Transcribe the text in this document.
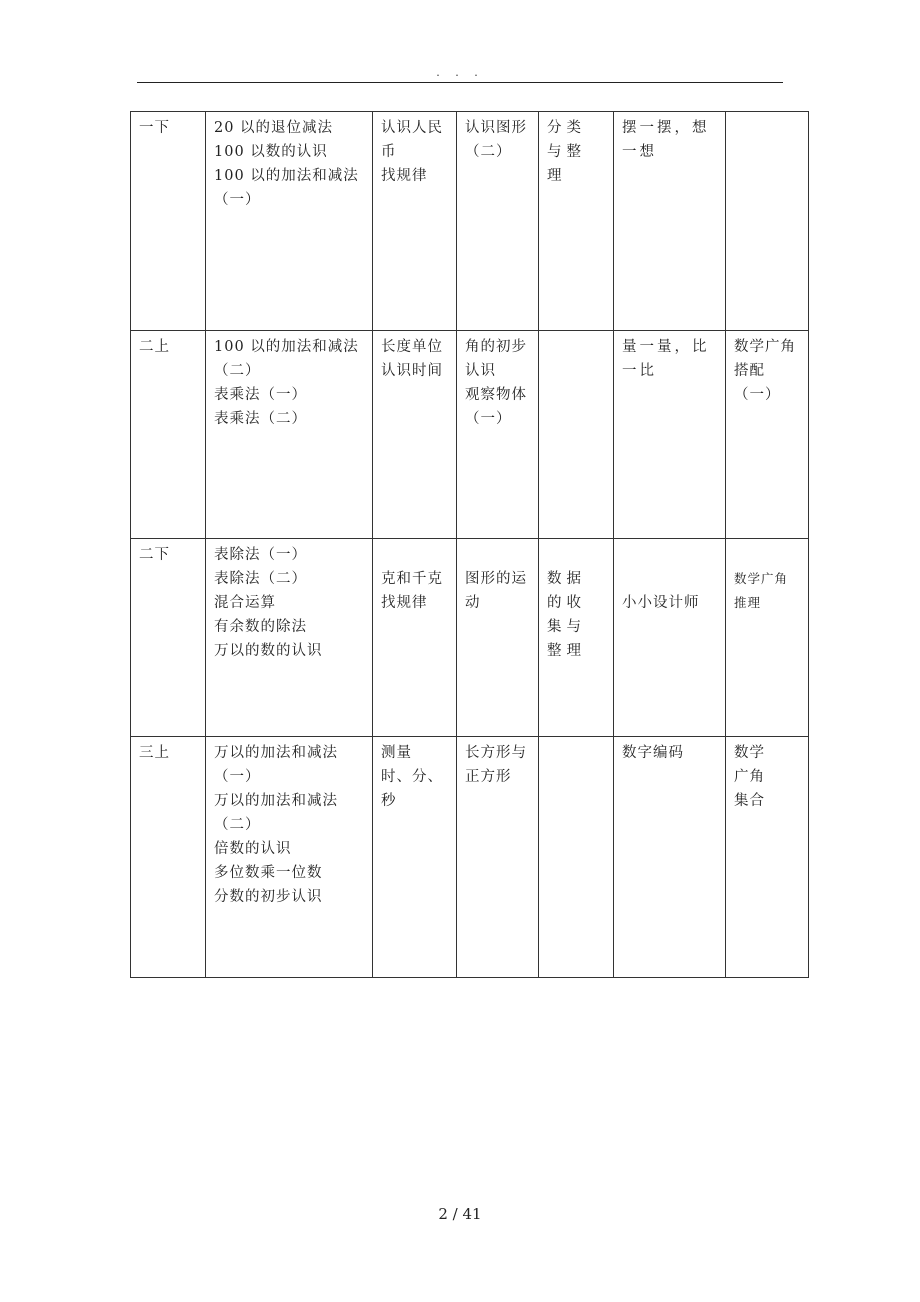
. . .
一下	20 以的退位减法
100 以数的认识
100 以的加法和减法（一）	认识人民币
找规律	认识图形（二）	分类与整理	摆一摆，想一想	

二上	100 以的加法和减法（二）
表乘法（一）
表乘法（二）	长度单位
认识时间	角的初步认识
观察物体（一）		量一量，比一比	数学广角
搭配（一）

二下	表除法（一）
表除法（二）
混合运算
有余数的除法
万以的数的认识	克和千克
找规律	图形的运动	数据的收集与整理	小小设计师	数学广角
推理

三上	万以的加法和减法（一）
万以的加法和减法（二）
倍数的认识
多位数乘一位数
分数的初步认识	测量
时、分、秒	长方形与正方形		数字编码	数学
广角
集合
2 / 41
